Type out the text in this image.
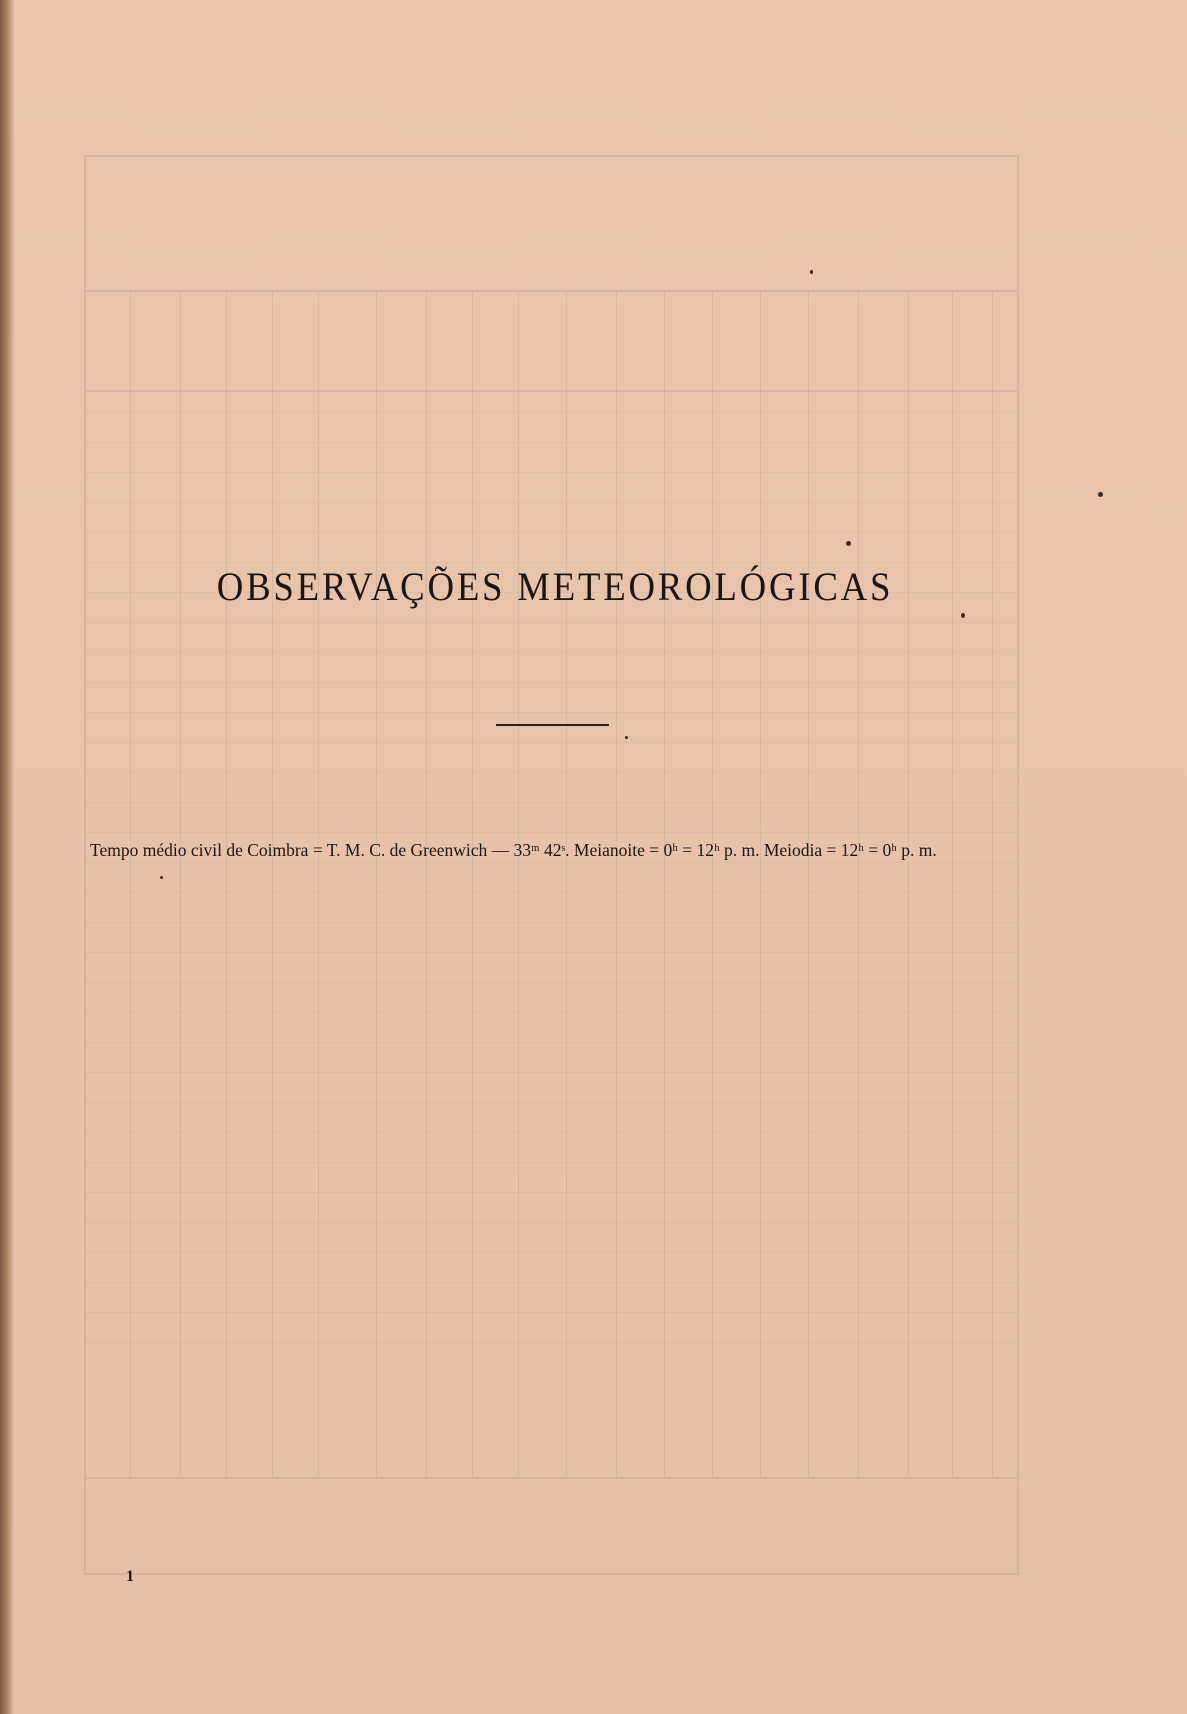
OBSERVAÇÕES METEOROLÓGICAS
Tempo médio civil de Coimbra = T. M. C. de Greenwich — 33ᵐ 42ˢ. Meianoite = 0ʰ = 12ʰ p. m. Meiodia = 12ʰ = 0ʰ p. m.
1
